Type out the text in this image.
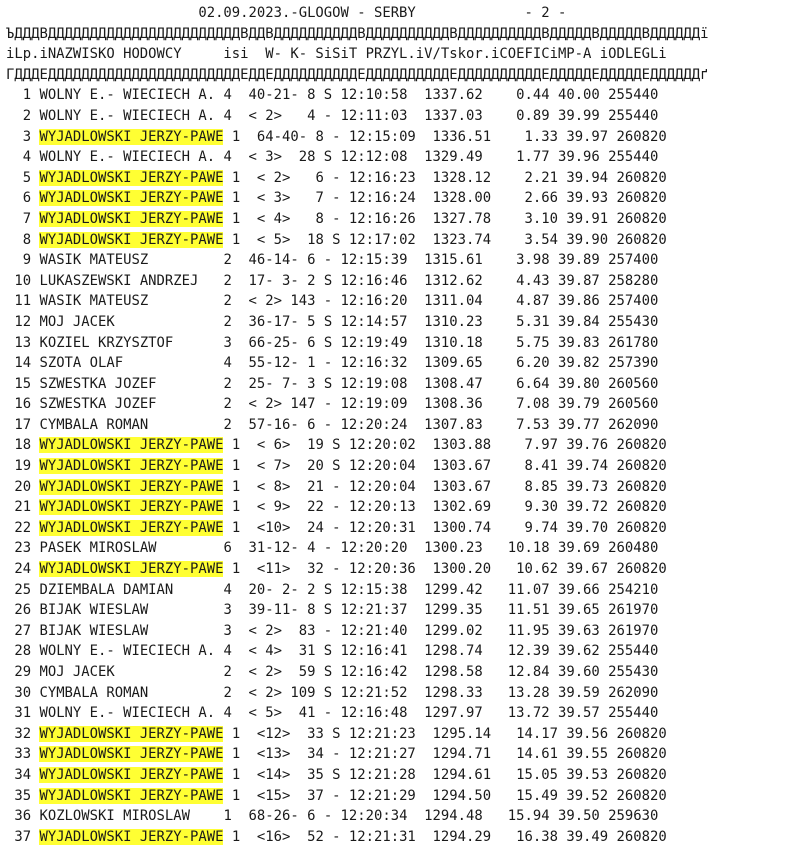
02.09.2023.-GLOGOW - SERBY             - 2 -
ЪДДДВДДДДДДДДДДДДДДДДДДДДДДДВДДВДДДДДДДДДДВДДДДДДДДДДВДДДДДДДДДДВДДДДДВДДДДДВДДДДДДї
іLp.іNAZWISKO HODOWCY     іsi  W- K- SiSiT PRZYL.іV/Tskor.іCOEFICіMP-A іODLEGLі
ГДДДЕДДДДДДДДДДДДДДДДДДДДДДДЕДДЕДДДДДДДДДДЕДДДДДДДДДДЕДДДДДДДДДДЕДДДДДЕДДДДДЕДДДДДДґ
1 WOLNY E.- WIECIECH A. 4  40-21- 8 S 12:10:58  1337.62    0.44 40.00 255440
2 WOLNY E.- WIECIECH A. 4  < 2>   4 - 12:11:03  1337.03    0.89 39.99 255440
3 WYJADLOWSKI JERZY-PAWE 1  64-40- 8 - 12:15:09  1336.51    1.33 39.97 260820
4 WOLNY E.- WIECIECH A. 4  < 3>  28 S 12:12:08  1329.49    1.77 39.96 255440
5 WYJADLOWSKI JERZY-PAWE 1  < 2>   6 - 12:16:23  1328.12    2.21 39.94 260820
6 WYJADLOWSKI JERZY-PAWE 1  < 3>   7 - 12:16:24  1328.00    2.66 39.93 260820
7 WYJADLOWSKI JERZY-PAWE 1  < 4>   8 - 12:16:26  1327.78    3.10 39.91 260820
8 WYJADLOWSKI JERZY-PAWE 1  < 5>  18 S 12:17:02  1323.74    3.54 39.90 260820
9 WASIK MATEUSZ         2  46-14- 6 - 12:15:39  1315.61    3.98 39.89 257400
10 LUKASZEWSKI ANDRZEJ   2  17- 3- 2 S 12:16:46  1312.62    4.43 39.87 258280
11 WASIK MATEUSZ         2  < 2> 143 - 12:16:20  1311.04    4.87 39.86 257400
12 MOJ JACEK             2  36-17- 5 S 12:14:57  1310.23    5.31 39.84 255430
13 KOZIEL KRZYSZTOF      3  66-25- 6 S 12:19:49  1310.18    5.75 39.83 261780
14 SZOTA OLAF            4  55-12- 1 - 12:16:32  1309.65    6.20 39.82 257390
15 SZWESTKA JOZEF        2  25- 7- 3 S 12:19:08  1308.47    6.64 39.80 260560
16 SZWESTKA JOZEF        2  < 2> 147 - 12:19:09  1308.36    7.08 39.79 260560
17 CYMBALA ROMAN         2  57-16- 6 - 12:20:24  1307.83    7.53 39.77 262090
18 WYJADLOWSKI JERZY-PAWE 1  < 6>  19 S 12:20:02  1303.88    7.97 39.76 260820
19 WYJADLOWSKI JERZY-PAWE 1  < 7>  20 S 12:20:04  1303.67    8.41 39.74 260820
20 WYJADLOWSKI JERZY-PAWE 1  < 8>  21 - 12:20:04  1303.67    8.85 39.73 260820
21 WYJADLOWSKI JERZY-PAWE 1  < 9>  22 - 12:20:13  1302.69    9.30 39.72 260820
22 WYJADLOWSKI JERZY-PAWE 1  <10>  24 - 12:20:31  1300.74    9.74 39.70 260820
23 PASEK MIROSLAW        6  31-12- 4 - 12:20:20  1300.23   10.18 39.69 260480
24 WYJADLOWSKI JERZY-PAWE 1  <11>  32 - 12:20:36  1300.20   10.62 39.67 260820
25 DZIEMBALA DAMIAN      4  20- 2- 2 S 12:15:38  1299.42   11.07 39.66 254210
26 BIJAK WIESLAW         3  39-11- 8 S 12:21:37  1299.35   11.51 39.65 261970
27 BIJAK WIESLAW         3  < 2>  83 - 12:21:40  1299.02   11.95 39.63 261970
28 WOLNY E.- WIECIECH A. 4  < 4>  31 S 12:16:41  1298.74   12.39 39.62 255440
29 MOJ JACEK             2  < 2>  59 S 12:16:42  1298.58   12.84 39.60 255430
30 CYMBALA ROMAN         2  < 2> 109 S 12:21:52  1298.33   13.28 39.59 262090
31 WOLNY E.- WIECIECH A. 4  < 5>  41 - 12:16:48  1297.97   13.72 39.57 255440
32 WYJADLOWSKI JERZY-PAWE 1  <12>  33 S 12:21:23  1295.14   14.17 39.56 260820
33 WYJADLOWSKI JERZY-PAWE 1  <13>  34 - 12:21:27  1294.71   14.61 39.55 260820
34 WYJADLOWSKI JERZY-PAWE 1  <14>  35 S 12:21:28  1294.61   15.05 39.53 260820
35 WYJADLOWSKI JERZY-PAWE 1  <15>  37 - 12:21:29  1294.50   15.49 39.52 260820
36 KOZLOWSKI MIROSLAW    1  68-26- 6 - 12:20:34  1294.48   15.94 39.50 259630
37 WYJADLOWSKI JERZY-PAWE 1  <16>  52 - 12:21:31  1294.29   16.38 39.49 260820
